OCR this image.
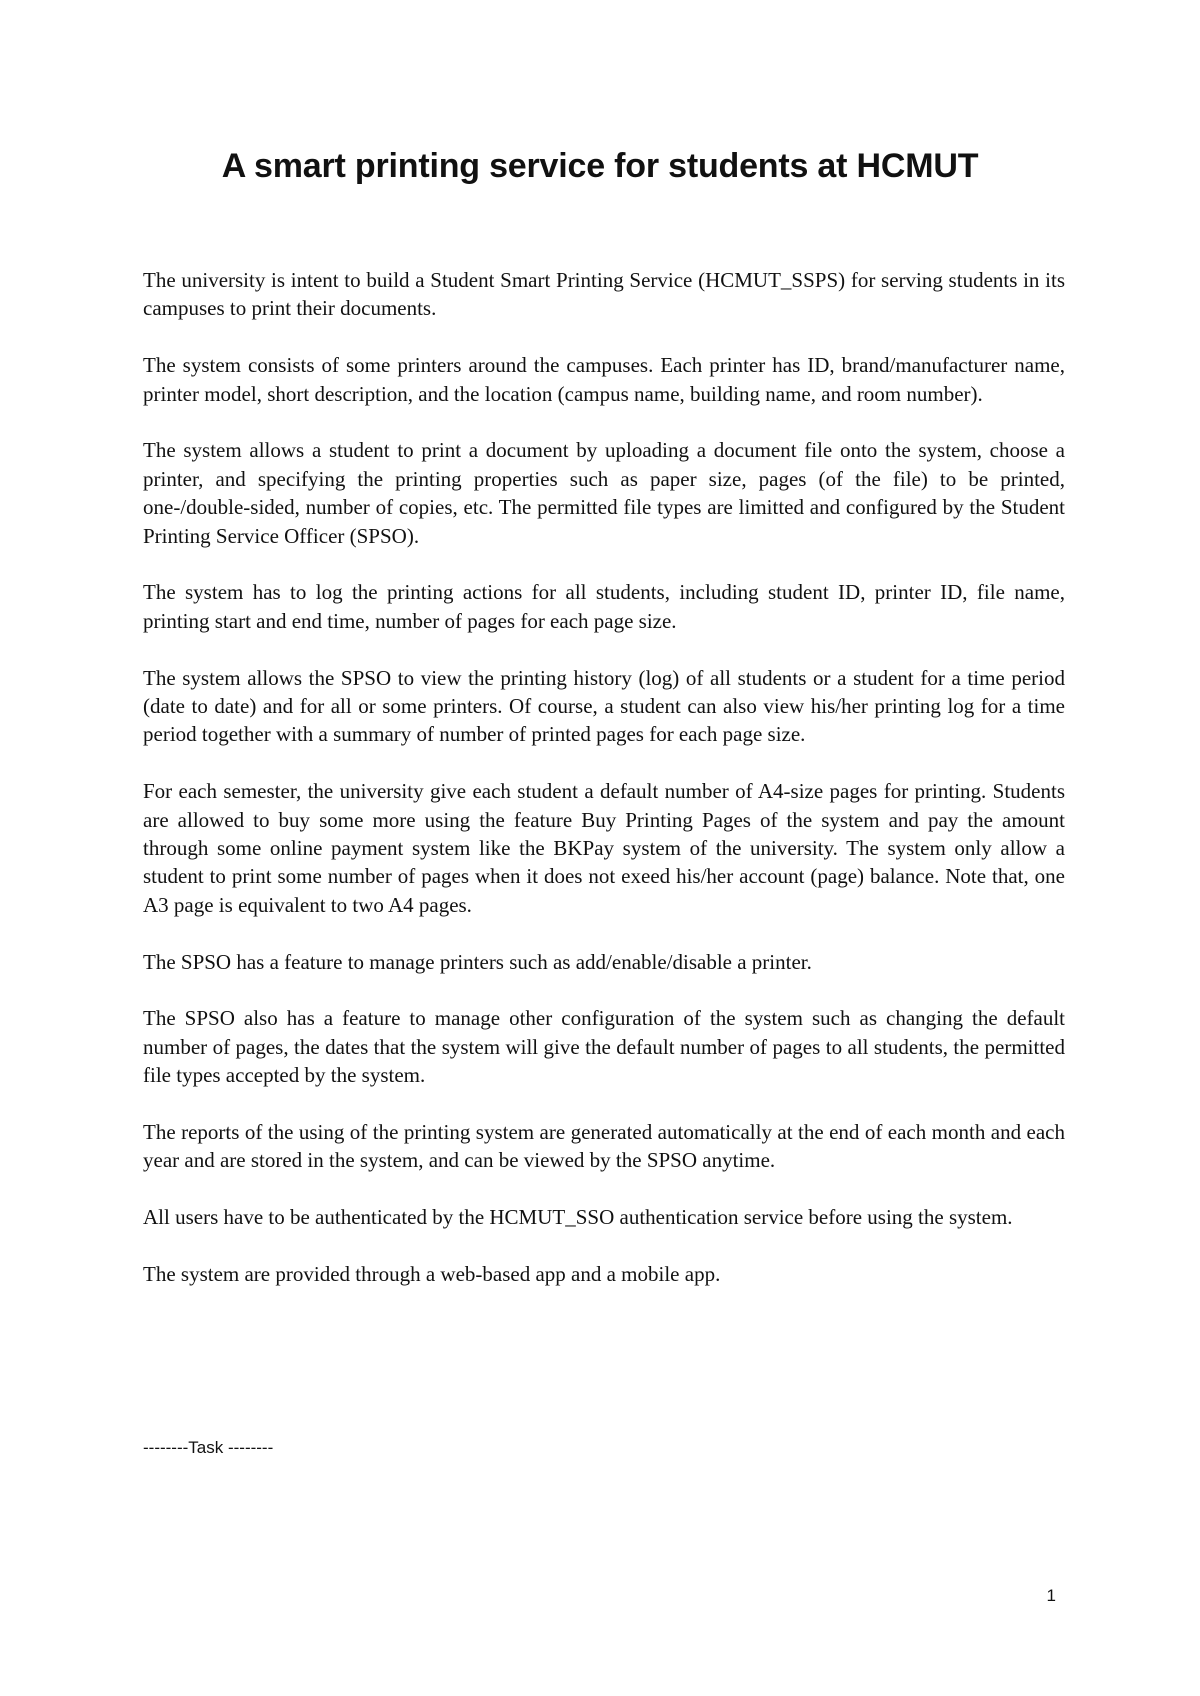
A smart printing service for students at HCMUT

The university is intent to build a Student Smart Printing Service (HCMUT_SSPS) for serving students in its campuses to print their documents.

The system consists of some printers around the campuses. Each printer has ID, brand/manufacturer name, printer model, short description, and the location (campus name, building name, and room number).

The system allows a student to print a document by uploading a document file onto the system, choose a printer, and specifying the printing properties such as paper size, pages (of the file) to be printed, one-/double-sided, number of copies, etc. The permitted file types are limitted and configured by the Student Printing Service Officer (SPSO).

The system has to log the printing actions for all students, including student ID, printer ID, file name, printing start and end time, number of pages for each page size.

The system allows the SPSO to view the printing history (log) of all students or a student for a time period (date to date) and for all or some printers. Of course, a student can also view his/her printing log for a time period together with a summary of number of printed pages for each page size.

For each semester, the university give each student a default number of A4-size pages for printing. Students are allowed to buy some more using the feature Buy Printing Pages of the system and pay the amount through some online payment system like the BKPay system of the university. The system only allow a student to print some number of pages when it does not exeed his/her account (page) balance. Note that, one A3 page is equivalent to two A4 pages.

The SPSO has a feature to manage printers such as add/enable/disable a printer.

The SPSO also has a feature to manage other configuration of the system such as changing the default number of pages, the dates that the system will give the default number of pages to all students, the permitted file types accepted by the system.

The reports of the using of the printing system are generated automatically at the end of each month and each year and are stored in the system, and can be viewed by the SPSO anytime.

All users have to be authenticated by the HCMUT_SSO authentication service before using the system.

The system are provided through a web-based app and a mobile app.

--------Task --------

1
